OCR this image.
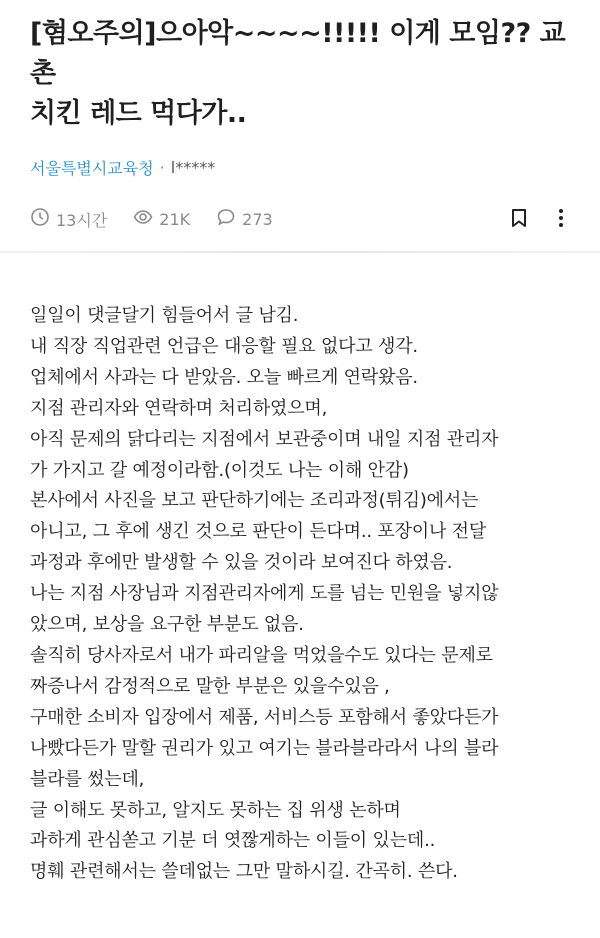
[혐오주의]으아악~~~~!!!!! 이게 모임?? 교촌
치킨 레드 먹다가..
서울특별시교육청 · l*****
13시간	21K	273

일일이 댓글달기 힘들어서 글 남김.

내 직장 직업관련 언급은 대응할 필요 없다고 생각.

업체에서 사과는 다 받았음. 오늘 빠르게 연락왔음.

지점 관리자와 연락하며 처리하였으며,

아직 문제의 닭다리는 지점에서 보관중이며 내일 지점 관리자

가 가지고 갈 예정이라함.(이것도 나는 이해 안감)

본사에서 사진을 보고 판단하기에는 조리과정(튀김)에서는

아니고, 그 후에 생긴 것으로 판단이 든다며.. 포장이나 전달

과정과 후에만 발생할 수 있을 것이라 보여진다 하였음.

나는 지점 사장님과 지점관리자에게 도를 넘는 민원을 넣지않

았으며, 보상을 요구한 부분도 없음.

솔직히 당사자로서 내가 파리알을 먹었을수도 있다는 문제로

짜증나서 감정적으로 말한 부분은 있을수있음 ,

구매한 소비자 입장에서 제품, 서비스등 포함해서 좋았다든가

나빴다든가 말할 권리가 있고 여기는 블라블라라서 나의 블라

블라를 썼는데,

글 이해도 못하고, 알지도 못하는 집 위생 논하며

과하게 관심쏟고 기분 더 엿짢게하는 이들이 있는데..

명훼 관련해서는 쓸데없는 그만 말하시길. 간곡히. 쓴다.
